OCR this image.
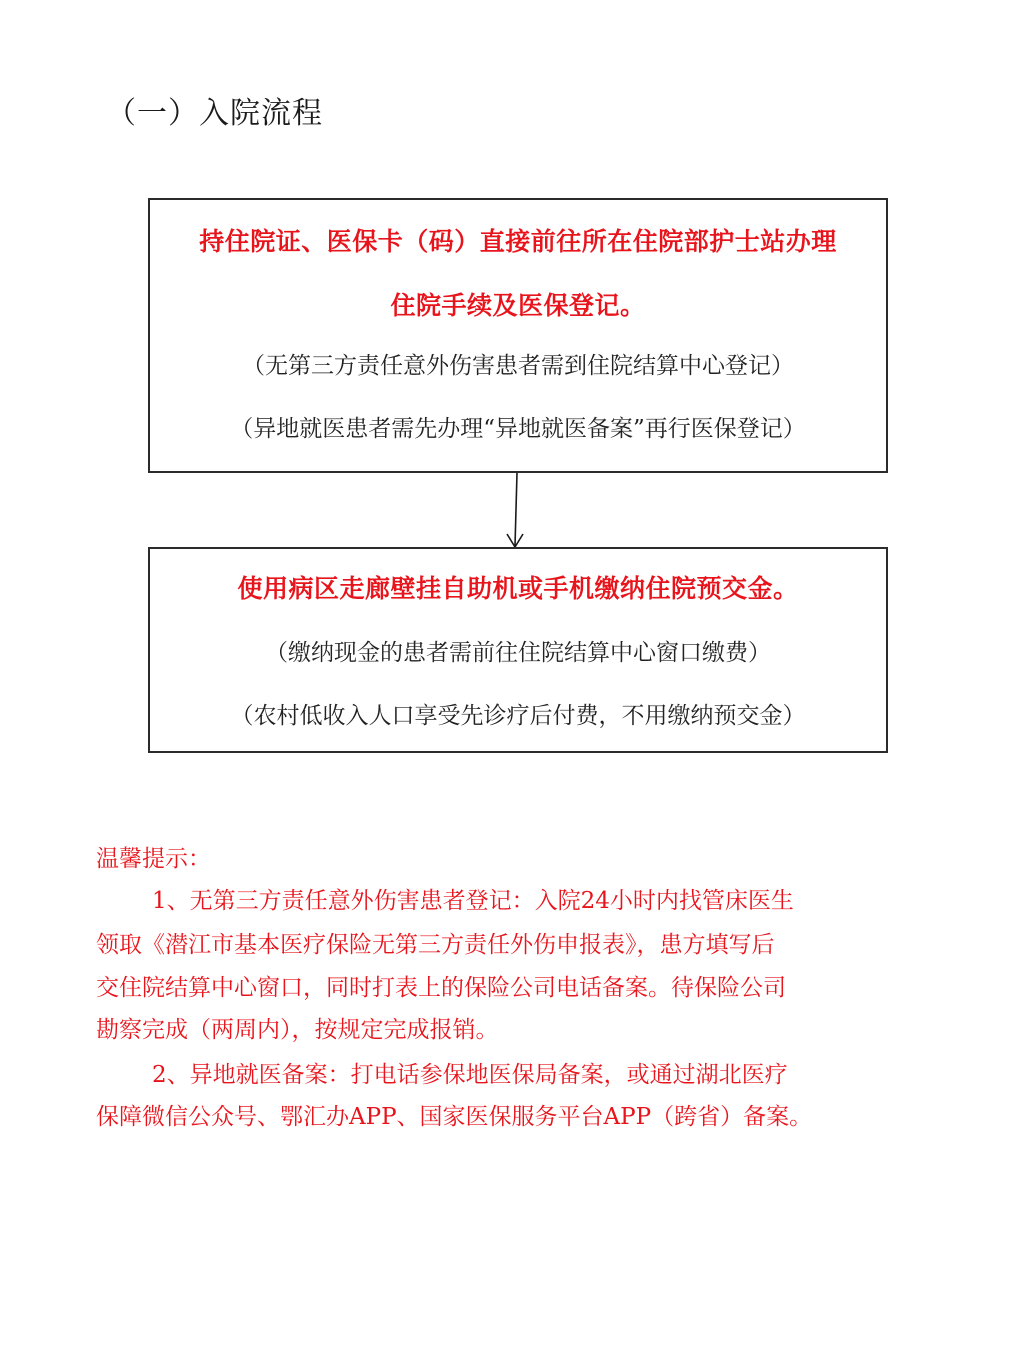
（一）入院流程
持住院证、医保卡（码）直接前往所在住院部护士站办理
住院手续及医保登记。
（无第三方责任意外伤害患者需到住院结算中心登记）
（异地就医患者需先办理“异地就医备案”再行医保登记）
使用病区走廊壁挂自助机或手机缴纳住院预交金。
（缴纳现金的患者需前往住院结算中心窗口缴费）
（农村低收入人口享受先诊疗后付费，不用缴纳预交金）
温馨提示：
1、无第三方责任意外伤害患者登记：入院24小时内找管床医生
领取《潜江市基本医疗保险无第三方责任外伤申报表》，患方填写后
交住院结算中心窗口，同时打表上的保险公司电话备案。待保险公司
勘察完成（两周内），按规定完成报销。
2、异地就医备案：打电话参保地医保局备案，或通过湖北医疗
保障微信公众号、鄂汇办APP、国家医保服务平台APP（跨省）备案。
